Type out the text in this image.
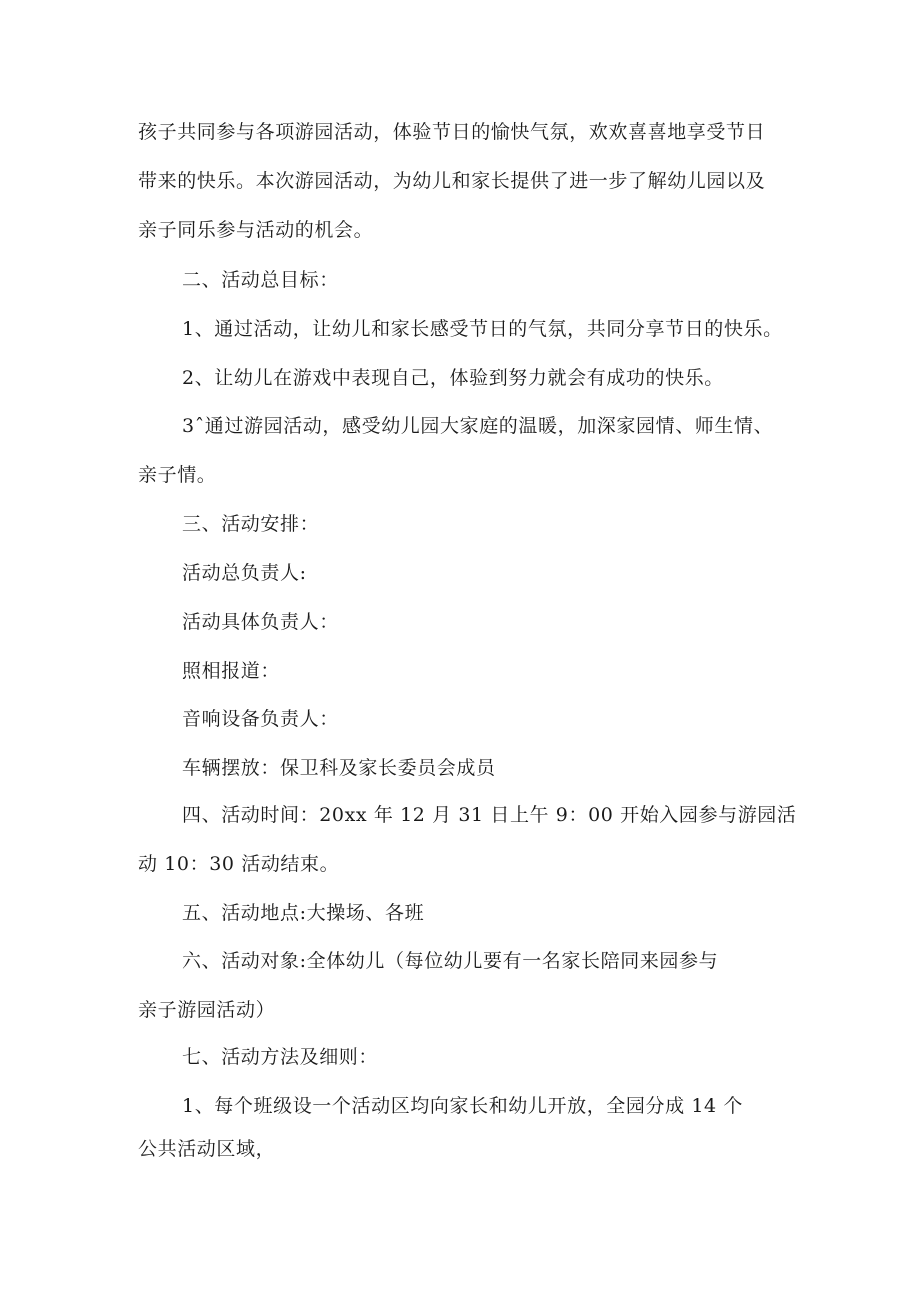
孩子共同参与各项游园活动，体验节日的愉快气氛，欢欢喜喜地享受节日
带来的快乐。本次游园活动，为幼儿和家长提供了进一步了解幼儿园以及
亲子同乐参与活动的机会。
二、活动总目标：
1、通过活动，让幼儿和家长感受节日的气氛，共同分享节日的快乐。
2、让幼儿在游戏中表现自己，体验到努力就会有成功的快乐。
3ˆ通过游园活动，感受幼儿园大家庭的温暖，加深家园情、师生情、
亲子情。
三、活动安排：
活动总负责人:
活动具体负责人：
照相报道：
音响设备负责人：
车辆摆放：保卫科及家长委员会成员
四、活动时间：20xx 年 12 月 31 日上午 9：00 开始入园参与游园活
动 10：30 活动结束。
五、活动地点:大操场、各班
六、活动对象:全体幼儿（每位幼儿要有一名家长陪同来园参与
亲子游园活动）
七、活动方法及细则：
1、每个班级设一个活动区均向家长和幼儿开放，全园分成 14 个
公共活动区域，
